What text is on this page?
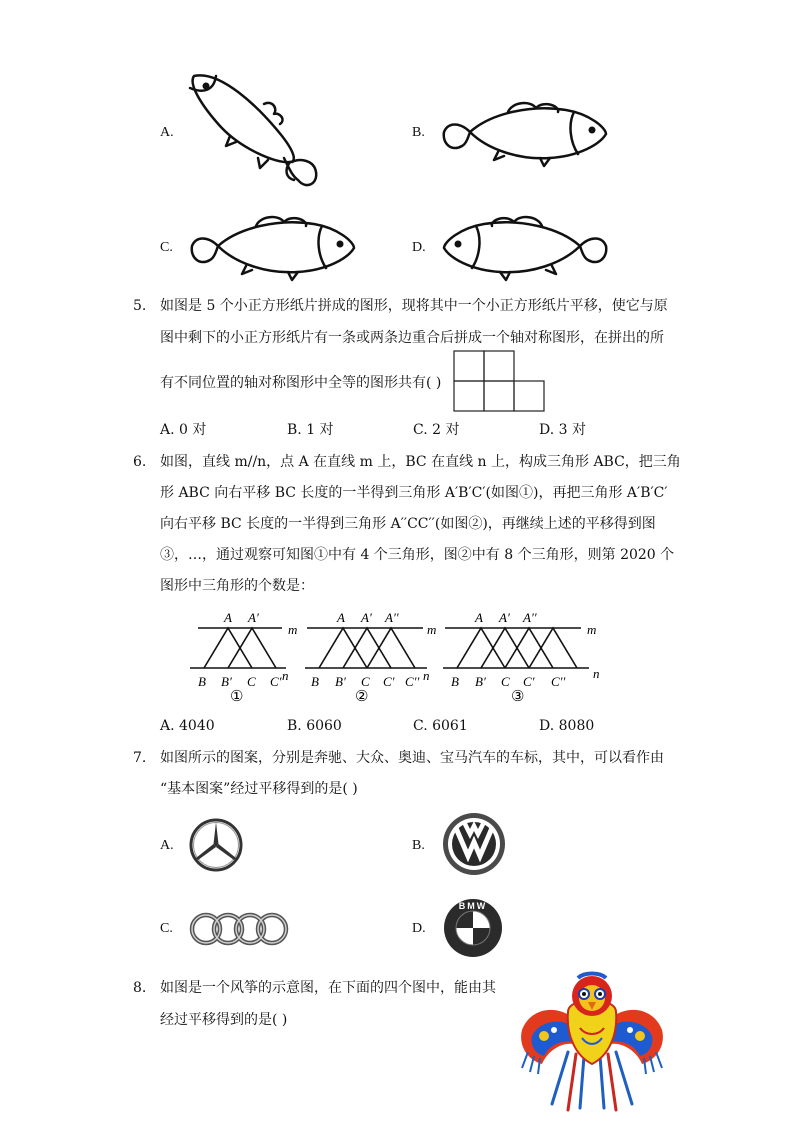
A.	B.
C.	D.
5. 如图是 5 个小正方形纸片拼成的图形，现将其中一个小正方形纸片平移，使它与原
图中剩下的小正方形纸片有一条或两条边重合后拼成一个轴对称图形，在拼出的所
有不同位置的轴对称图形中全等的图形共有( )
A. 0 对	B. 1 对	C. 2 对	D. 3 对
6. 如图，直线 m//n，点 A 在直线 m 上，BC 在直线 n 上，构成三角形 ABC，把三角
形 ABC 向右平移 BC 长度的一半得到三角形 A′B′C′(如图①)，再把三角形 A′B′C′
向右平移 BC 长度的一半得到三角形 A′′CC′′(如图②)，再继续上述的平移得到图
③，…，通过观察可知图①中有 4 个三角形，图②中有 8 个三角形，则第 2020 个
图形中三角形的个数是：
A A′
m
n
B B′ C C′
①
A A′ A′′
m
n
B B′ C C′ C′′
②
A A′ A′′
m
n
B B′ C C′ C′′
③
A. 4040	B. 6060	C. 6061	D. 8080
7. 如图所示的图案，分别是奔驰、大众、奥迪、宝马汽车的车标，其中，可以看作由
“基本图案”经过平移得到的是( )
A.	B.
C.	D.
BMW
8. 如图是一个风筝的示意图，在下面的四个图中，能由其
经过平移得到的是( )
